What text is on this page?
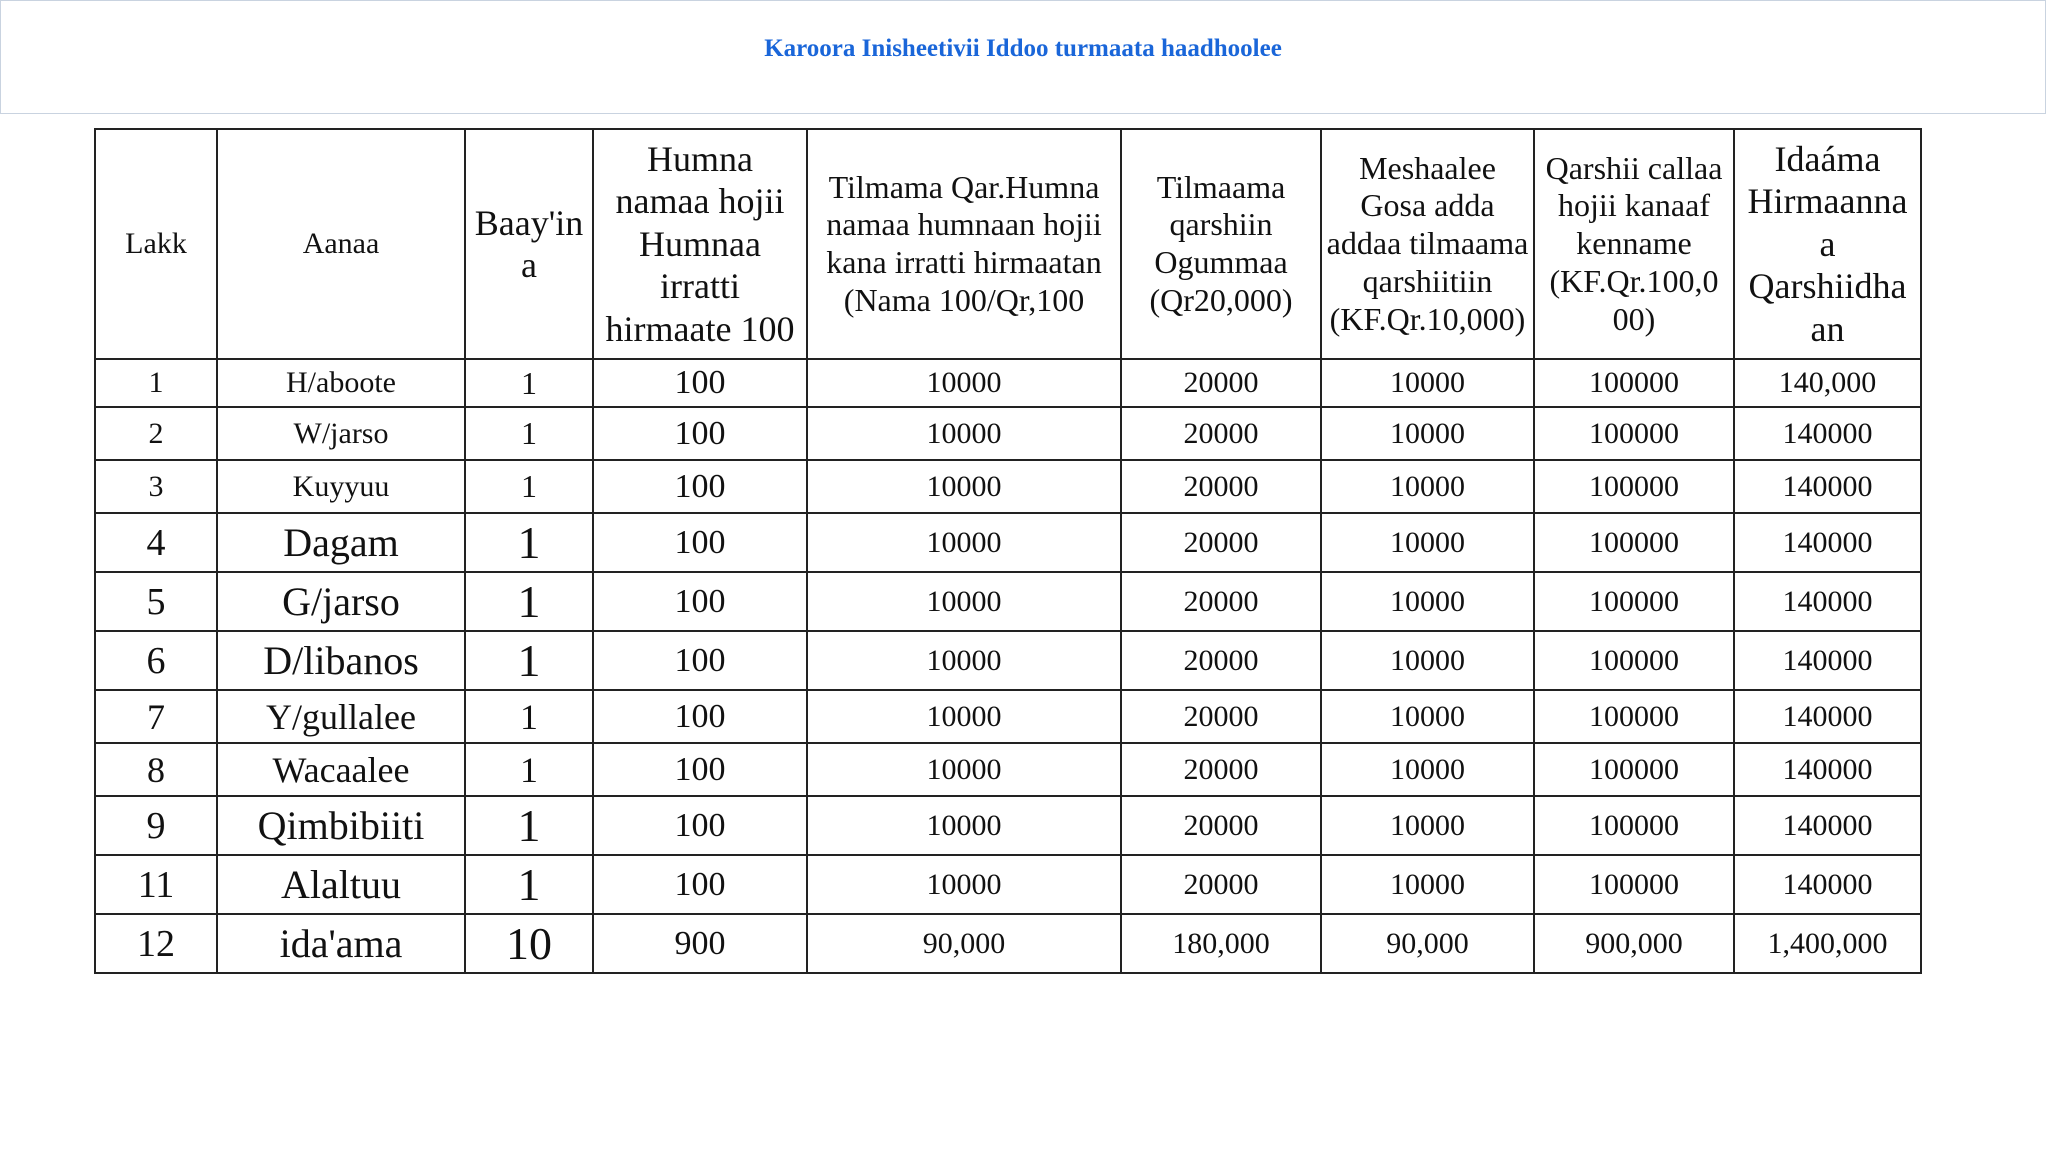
Karoora Inisheetivii Iddoo turmaata haadhoolee
Lakk	Aanaa	Baay'in a	Humna namaa hojii Humnaa irratti hirmaate 100	Tilmama Qar.Humna namaa humnaan hojii kana irratti hirmaatan (Nama 100/Qr,100	Tilmaama qarshiin Ogummaa (Qr20,000)	Meshaalee Gosa adda addaa tilmaama qarshiitiin (KF.Qr.10,000)	Qarshii callaa hojii kanaaf kenname (KF.Qr.100,0 00)	Idaáma Hirmaanna a Qarshiidha an
1	H/aboote	1	100	10000	20000	10000	100000	140,000
2	W/jarso	1	100	10000	20000	10000	100000	140000
3	Kuyyuu	1	100	10000	20000	10000	100000	140000
4	Dagam	1	100	10000	20000	10000	100000	140000
5	G/jarso	1	100	10000	20000	10000	100000	140000
6	D/libanos	1	100	10000	20000	10000	100000	140000
7	Y/gullalee	1	100	10000	20000	10000	100000	140000
8	Wacaalee	1	100	10000	20000	10000	100000	140000
9	Qimbibiiti	1	100	10000	20000	10000	100000	140000
11	Alaltuu	1	100	10000	20000	10000	100000	140000
12	ida'ama	10	900	90,000	180,000	90,000	900,000	1,400,000
